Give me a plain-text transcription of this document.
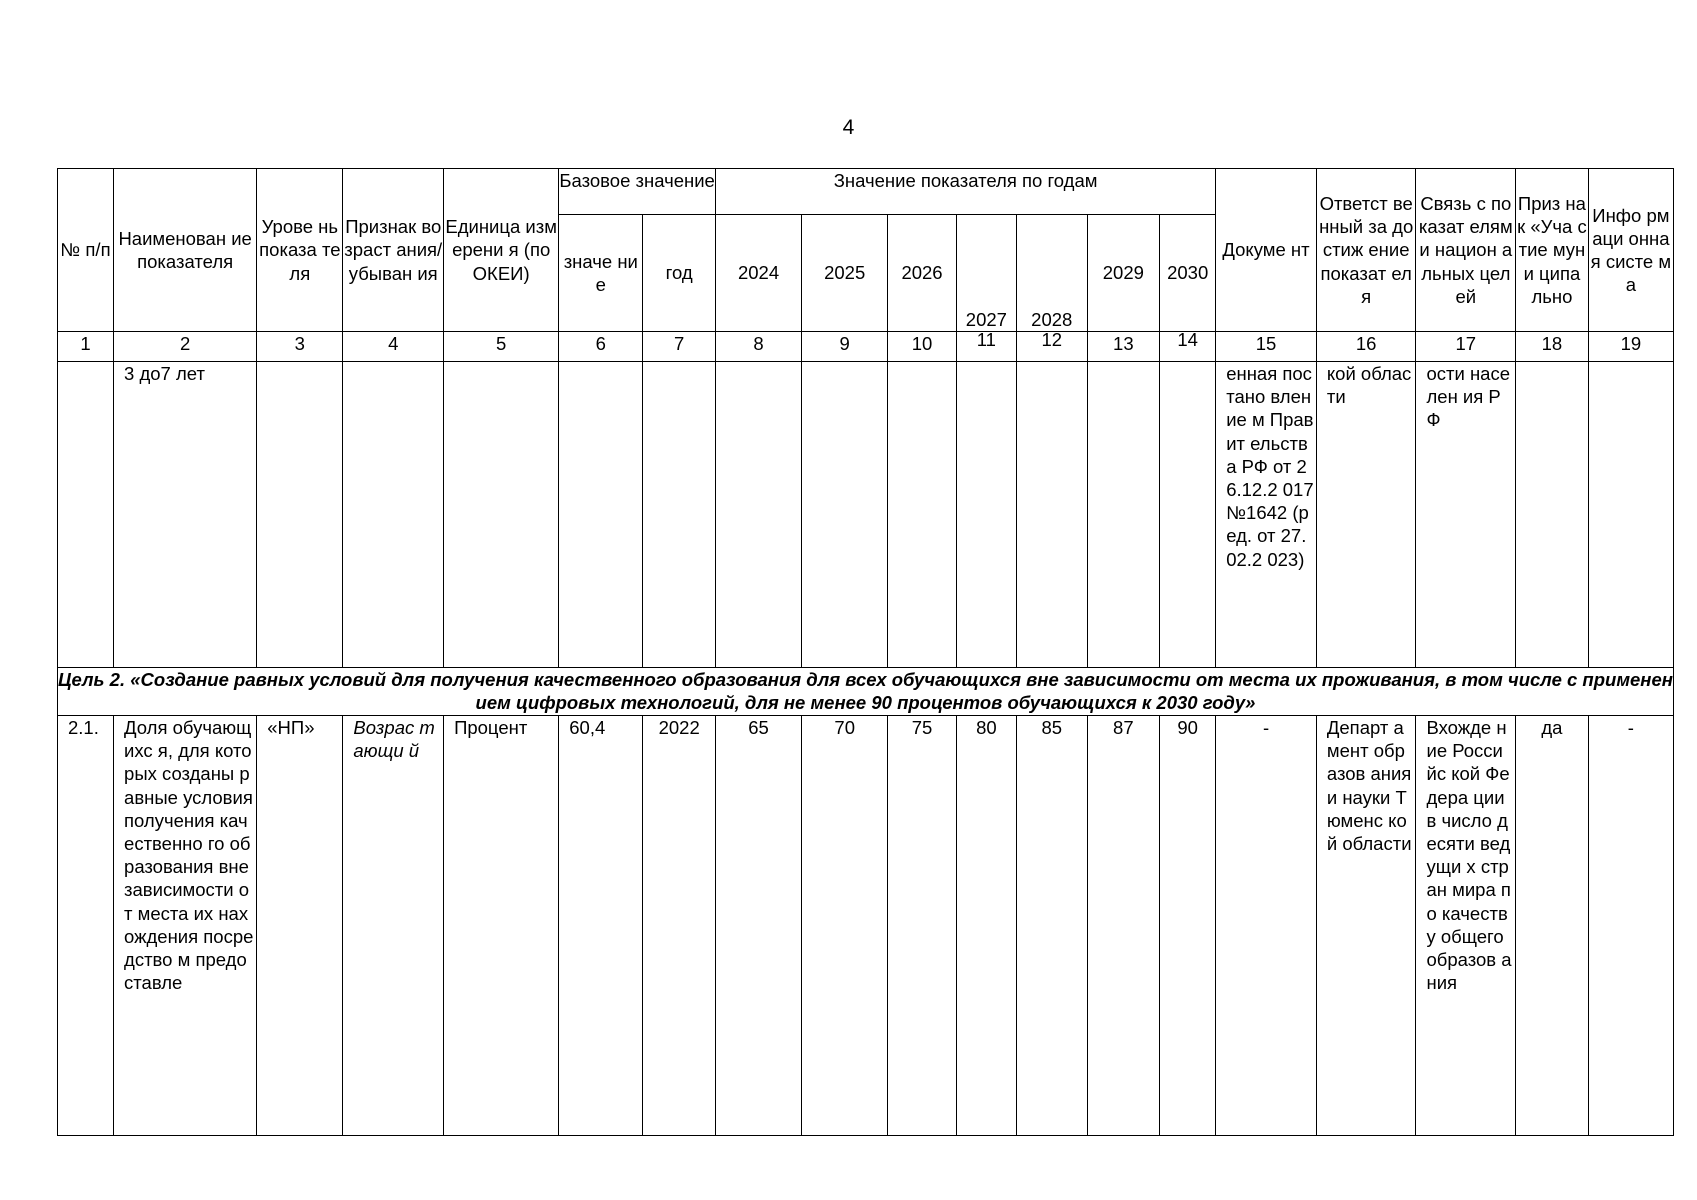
4
№ п/п	Наименован ие показателя	Урове нь показа теля	Признак возраст ания/ убыван ия	Единица измерени я (по ОКЕИ)	Базовое значение		Значение показателя по годам							Докуме нт	Ответст венный за достиж ение показат еля	Связь с показат елями национ альных целей	Приз нак «Уча стие муни ципа льно	Инфо рмаци онная систе ма
					значе ние	год	2024	2025	2026	2027	2028	2029	2030					
1	2	3	4	5	6	7	8	9	10	11	12	13	14	15	16	17	18	19
	3 до7 лет													енная постано вление м Правит ельства РФ от 26.12.2 017 №1642 (ред. от 27.02.2 023)	кой области	ости населен ия РФ		
Цель 2. «Создание равных условий для получения качественного образования для всех обучающихся вне зависимости от места их проживания, в том числе с применением цифровых технологий, для не менее 90 процентов обучающихся к 2030 году»																		
2.1.	Доля обучающихс я, для которых созданы равные условия получения качественно го образования вне зависимости от места их нахождения посредство м предоставле	«НП»	Возрас тающи й	Процент	60,4	2022	65	70	75	80	85	87	90	-	Департ амент образов ания и науки Тюменс кой области	Вхожде ние Российс кой Федера ции в число десяти ведущи х стран мира по качеств у общего образов ания	да	-
